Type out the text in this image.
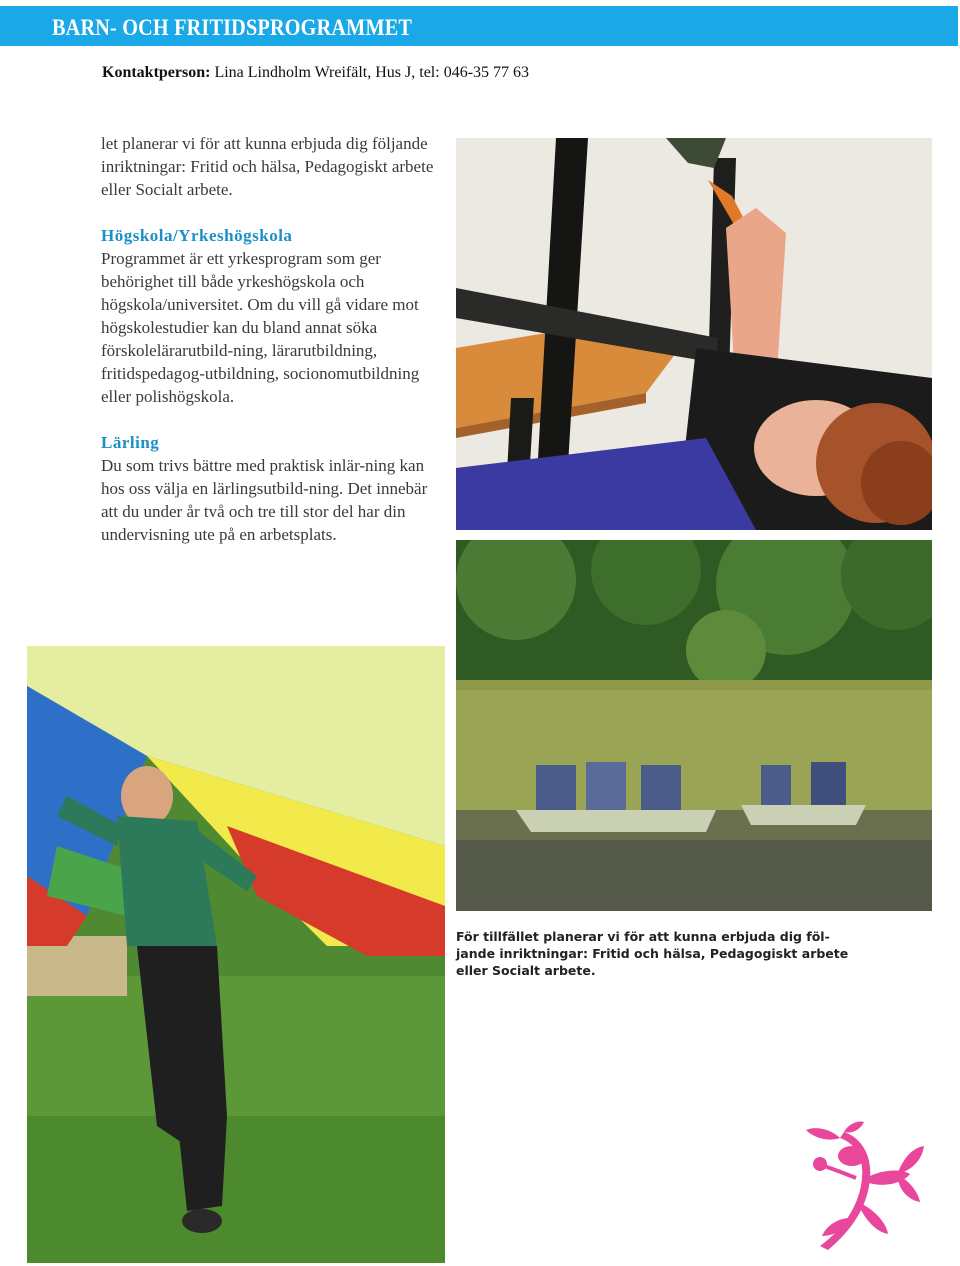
BARN- OCH FRITIDSPROGRAMMET
Kontaktperson: Lina Lindholm Wreifält, Hus J, tel: 046-35 77 63

let planerar vi för att kunna erbjuda dig följande inriktningar: Fritid och hälsa, Pedagogiskt arbete eller Socialt arbete.

Högskola/Yrkeshögskola

Programmet är ett yrkesprogram som ger behörighet till både yrkeshögskola och högskola/universitet. Om du vill gå vidare mot högskolestudier kan du bland annat söka förskolelärarutbild-ning, lärarutbildning, fritidspedagog-utbildning, socionomutbildning eller polishögskola.

Lärling

Du som trivs bättre med praktisk inlär-ning kan hos oss välja en lärlingsutbild-ning. Det innebär att du under år två och tre till stor del har din undervisning ute på en arbetsplats.

För tillfället planerar vi för att kunna erbjuda dig föl-jande inriktningar: Fritid och hälsa, Pedagogiskt arbete eller Socialt arbete.
